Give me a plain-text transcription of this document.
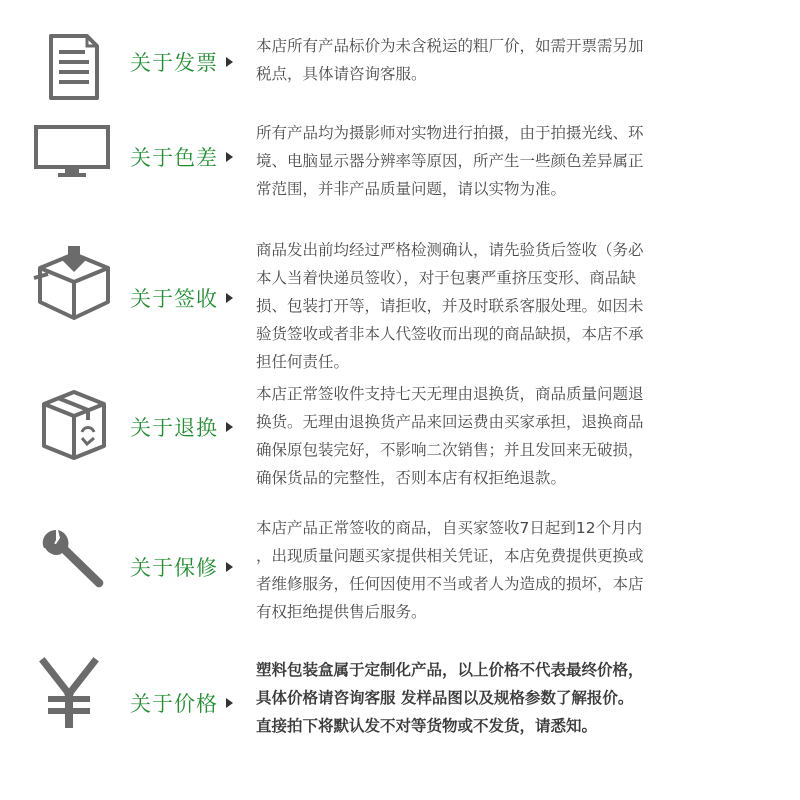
关于发票
本店所有产品标价为未含税运的粗厂价，如需开票需另加
税点，具体请咨询客服。
关于色差
所有产品均为摄影师对实物进行拍摄，由于拍摄光线、环
境、电脑显示器分辨率等原因，所产生一些颜色差异属正
常范围，并非产品质量问题，请以实物为准。
关于签收
商品发出前均经过严格检测确认，请先验货后签收（务必
本人当着快递员签收），对于包裹严重挤压变形、商品缺
损、包装打开等，请拒收，并及时联系客服处理。如因未
验货签收或者非本人代签收而出现的商品缺损，本店不承
担任何责任。
关于退换
本店正常签收件支持七天无理由退换货，商品质量问题退
换货。无理由退换货产品来回运费由买家承担，退换商品
确保原包装完好，不影响二次销售；并且发回来无破损，
确保货品的完整性，否则本店有权拒绝退款。
关于保修
本店产品正常签收的商品，自买家签收7日起到12个月内
，出现质量问题买家提供相关凭证，本店免费提供更换或
者维修服务，任何因使用不当或者人为造成的损坏，本店
有权拒绝提供售后服务。
关于价格
塑料包装盒属于定制化产品，以上价格不代表最终价格，
具体价格请咨询客服 发样品图以及规格参数了解报价。
直接拍下将默认发不对等货物或不发货，请悉知。
